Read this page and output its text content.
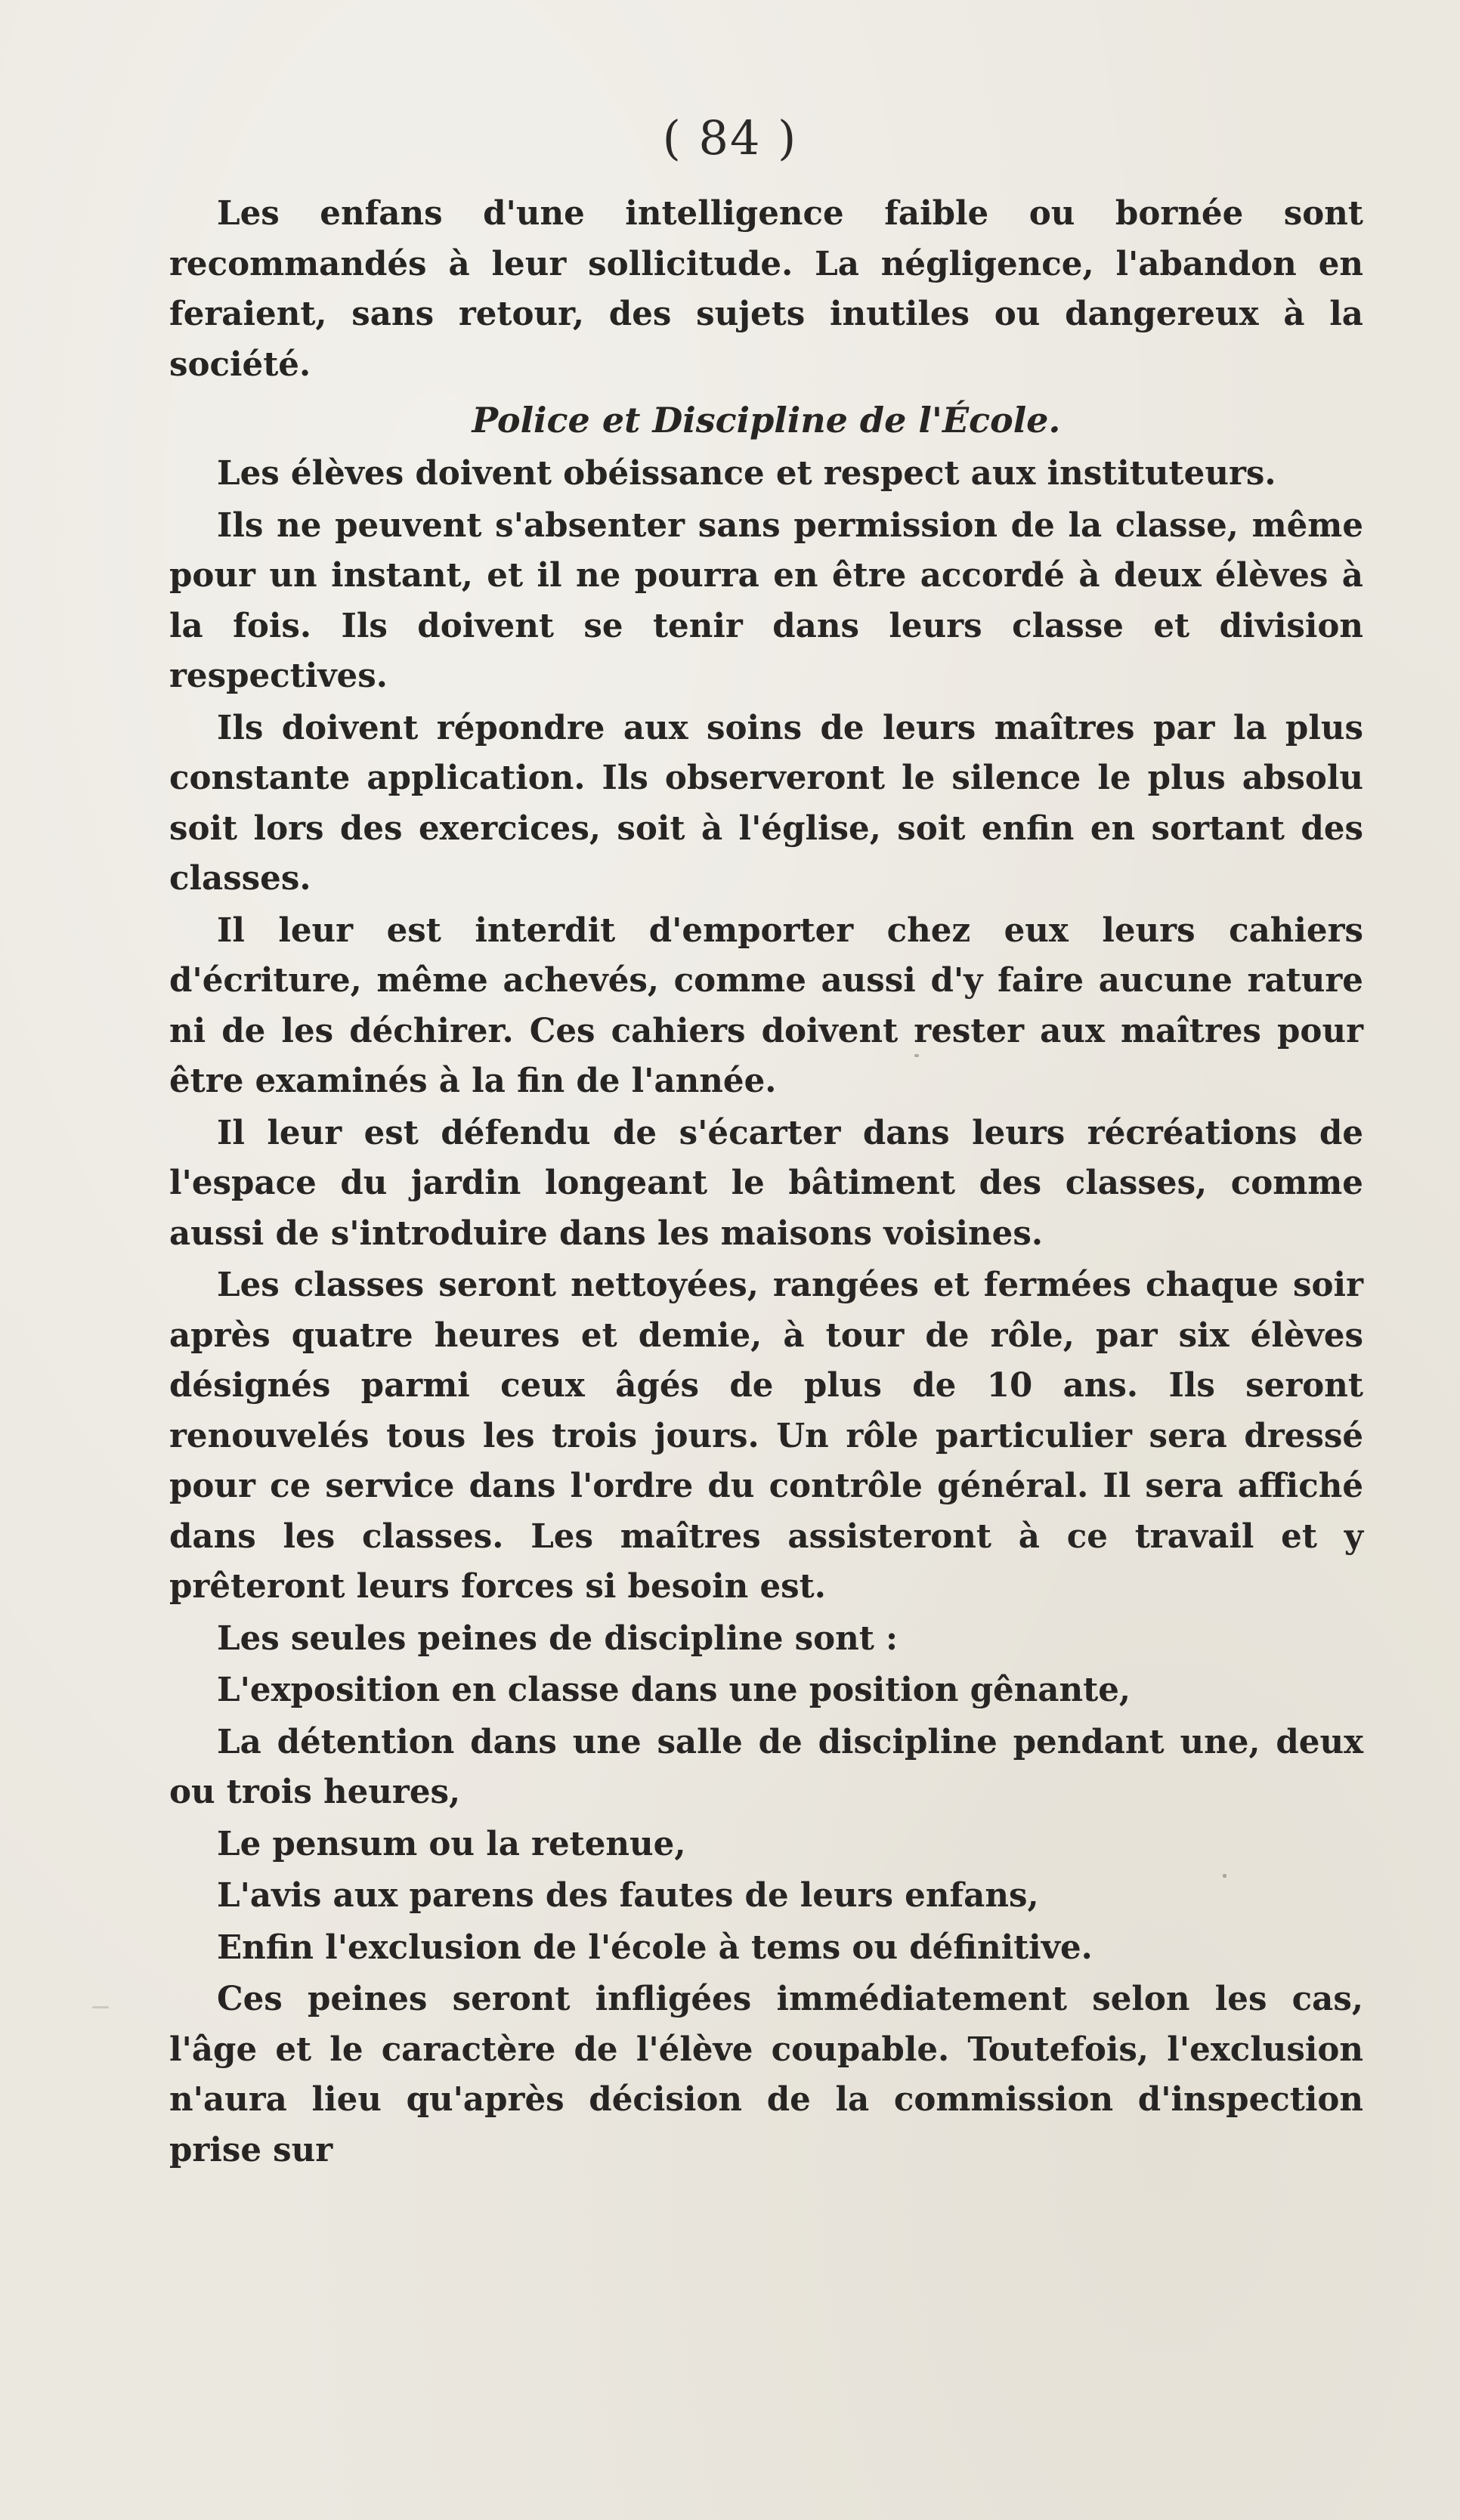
( 84 )

Les enfans d'une intelligence faible ou bornée sont recommandés à leur sollicitude. La négligence, l'abandon en feraient, sans retour, des sujets inutiles ou dangereux à la société.

Police et Discipline de l'École.

Les élèves doivent obéissance et respect aux instituteurs.

Ils ne peuvent s'absenter sans permission de la classe, même pour un instant, et il ne pourra en être accordé à deux élèves à la fois. Ils doivent se tenir dans leurs classe et division respectives.

Ils doivent répondre aux soins de leurs maîtres par la plus constante application. Ils observeront le silence le plus absolu soit lors des exercices, soit à l'église, soit enfin en sortant des classes.

Il leur est interdit d'emporter chez eux leurs cahiers d'écriture, même achevés, comme aussi d'y faire aucune rature ni de les déchirer. Ces cahiers doivent rester aux maîtres pour être examinés à la fin de l'année.

Il leur est défendu de s'écarter dans leurs récréations de l'espace du jardin longeant le bâtiment des classes, comme aussi de s'introduire dans les maisons voisines.

Les classes seront nettoyées, rangées et fermées chaque soir après quatre heures et demie, à tour de rôle, par six élèves désignés parmi ceux âgés de plus de 10 ans. Ils seront renouvelés tous les trois jours. Un rôle particulier sera dressé pour ce service dans l'ordre du contrôle général. Il sera affiché dans les classes. Les maîtres assisteront à ce travail et y prêteront leurs forces si besoin est.

Les seules peines de discipline sont :

L'exposition en classe dans une position gênante,

La détention dans une salle de discipline pendant une, deux ou trois heures,

Le pensum ou la retenue,

L'avis aux parens des fautes de leurs enfans,

Enfin l'exclusion de l'école à tems ou définitive.

Ces peines seront infligées immédiatement selon les cas, l'âge et le caractère de l'élève coupable. Toutefois, l'exclusion n'aura lieu qu'après décision de la commission d'inspection prise sur
